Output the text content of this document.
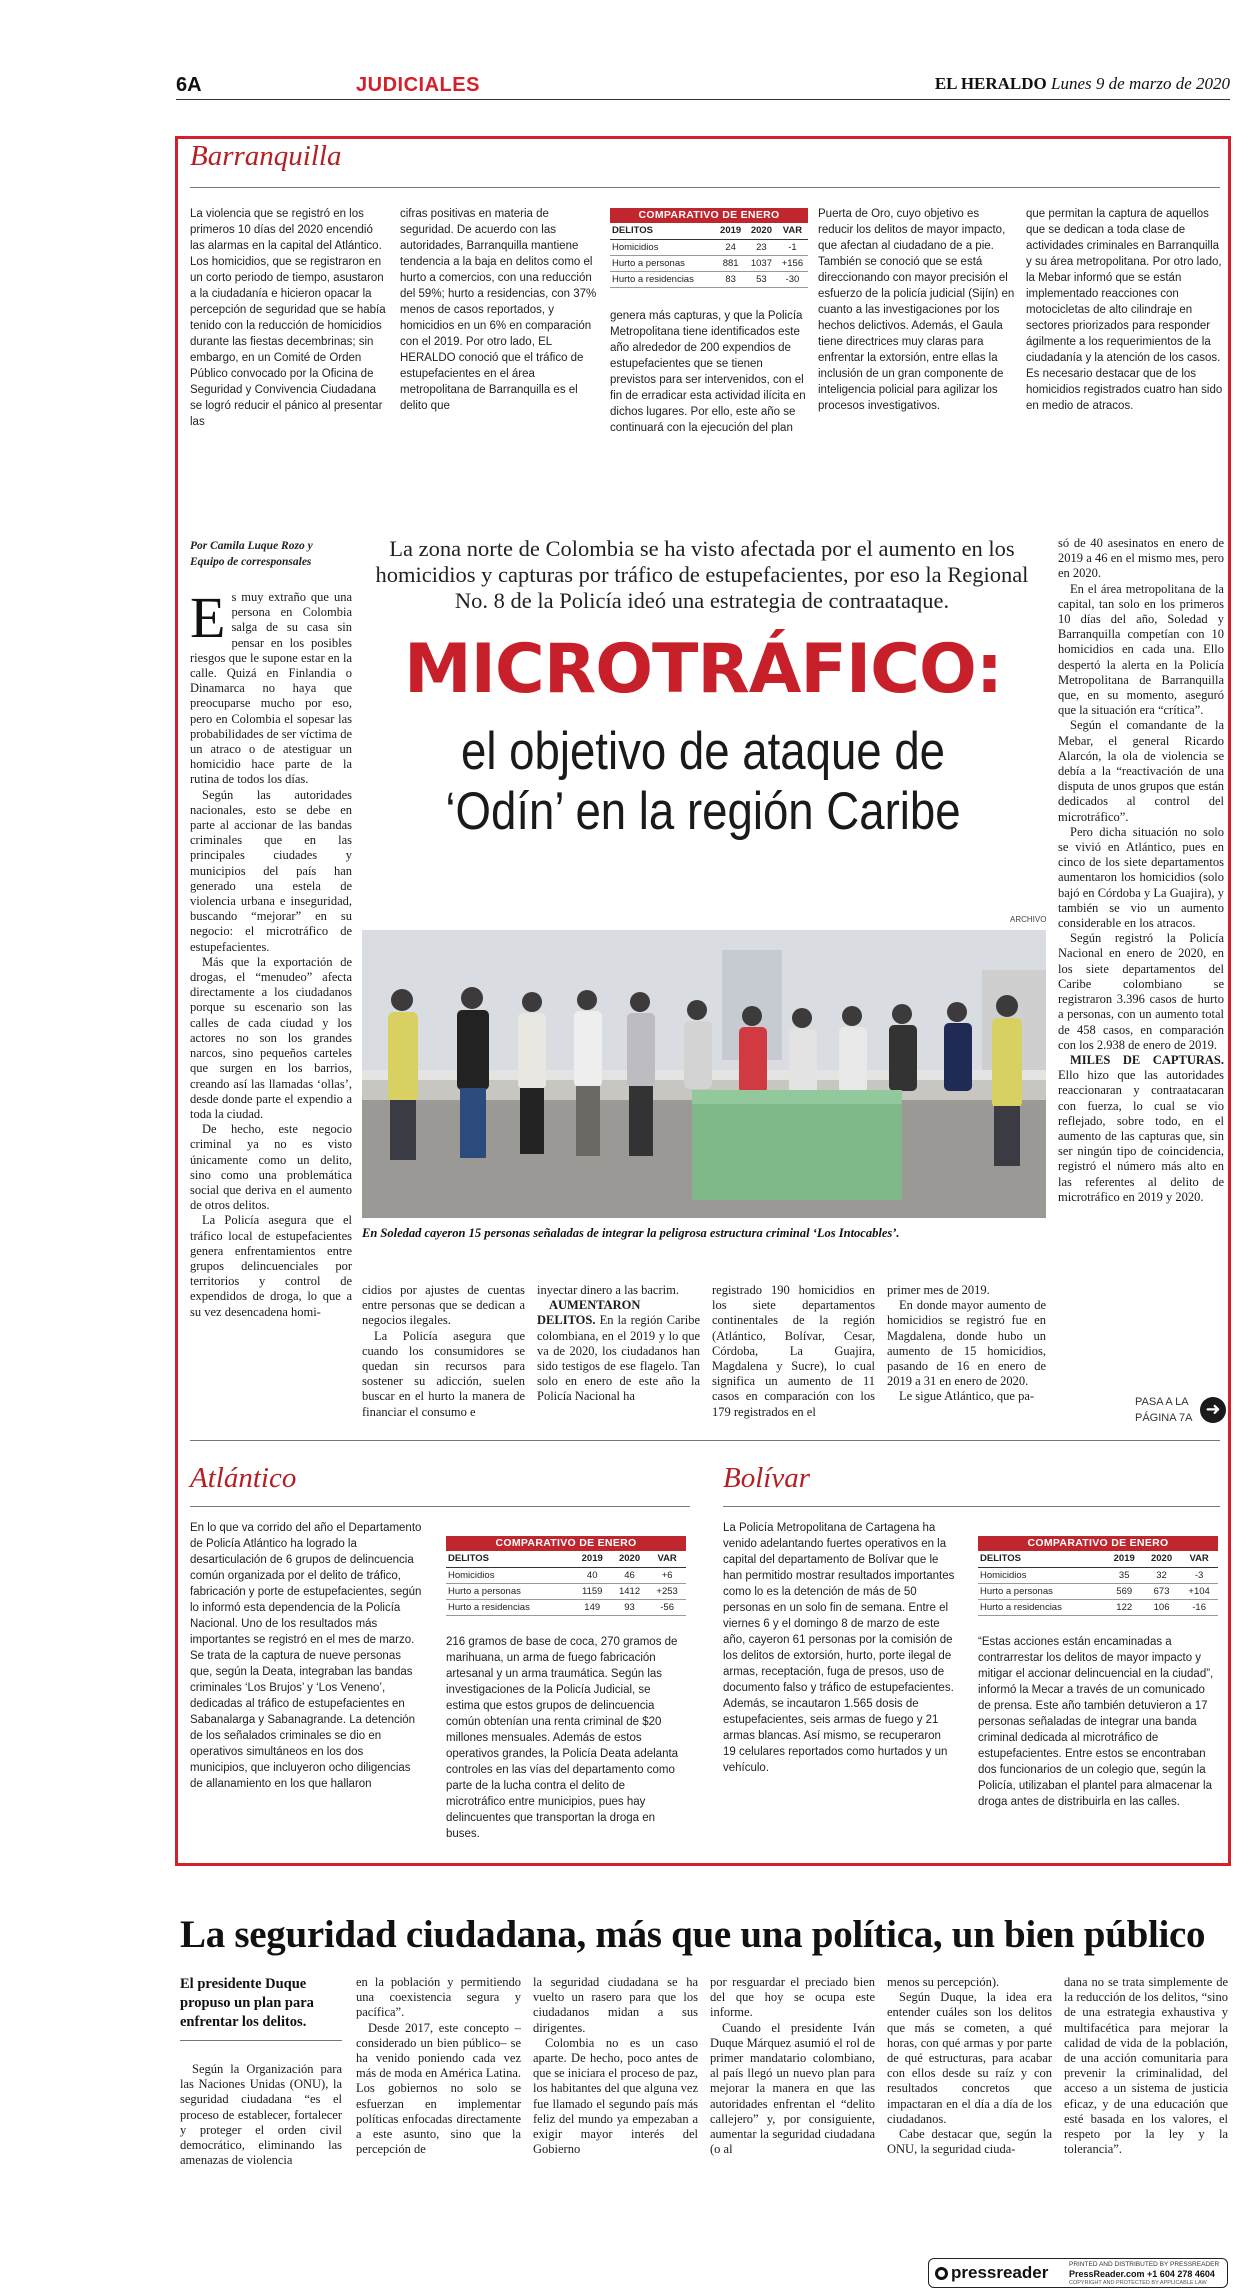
6A	JUDICIALES	EL HERALDO Lunes 9 de marzo de 2020
Barranquilla
La violencia que se registró en los primeros 10 días del 2020 encendió las alarmas en la capital del Atlántico. Los homicidios, que se registraron en un corto periodo de tiempo, asustaron a la ciudadanía e hicieron opacar la percepción de seguridad que se había tenido con la reducción de homicidios durante las fiestas decembrinas; sin embargo, en un Comité de Orden Público convocado por la Oficina de Seguridad y Convivencia Ciudadana se logró reducir el pánico al presentar las
cifras positivas en materia de seguridad. De acuerdo con las autoridades, Barranquilla mantiene tendencia a la baja en delitos como el hurto a comercios, con una reducción del 59%; hurto a residencias, con 37% menos de casos reportados, y homicidios en un 6% en comparación con el 2019. Por otro lado, EL HERALDO conoció que el tráfico de estupefacientes en el área metropolitana de Barranquilla es el delito que
COMPARATIVO DE ENERO
DELITOS	2019	2020	VAR
Homicidios	24	23	-1
Hurto a personas	881	1037	+156
Hurto a residencias	83	53	-30
genera más capturas, y que la Policía Metropolitana tiene identificados este año alrededor de 200 expendios de estupefacientes que se tienen previstos para ser intervenidos, con el fin de erradicar esta actividad ilícita en dichos lugares. Por ello, este año se continuará con la ejecución del plan
Puerta de Oro, cuyo objetivo es reducir los delitos de mayor impacto, que afectan al ciudadano de a pie. También se conoció que se está direccionando con mayor precisión el esfuerzo de la policía judicial (Sijín) en cuanto a las investigaciones por los hechos delictivos. Además, el Gaula tiene directrices muy claras para enfrentar la extorsión, entre ellas la inclusión de un gran componente de inteligencia policial para agilizar los procesos investigativos.
que permitan la captura de aquellos que se dedican a toda clase de actividades criminales en Barranquilla y su área metropolitana. Por otro lado, la Mebar informó que se están implementado reacciones con motocicletas de alto cilindraje en sectores priorizados para responder ágilmente a los requerimientos de la ciudadanía y la atención de los casos. Es necesario destacar que de los homicidios registrados cuatro han sido en medio de atracos.
Por Camila Luque Rozo y Equipo de corresponsales
La zona norte de Colombia se ha visto afectada por el aumento en los homicidios y capturas por tráfico de estupefacientes, por eso la Regional No. 8 de la Policía ideó una estrategia de contraataque.
MICROTRÁFICO:
el objetivo de ataque de
‘Odín’ en la región Caribe
ARCHIVO
En Soledad cayeron 15 personas señaladas de integrar la peligrosa estructura criminal ‘Los Intocables’.

Es muy extraño que una persona en Colombia salga de su casa sin pensar en los posibles riesgos que le supone estar en la calle. Quizá en Finlandia o Dinamarca no haya que preocuparse mucho por eso, pero en Colombia el sopesar las probabilidades de ser víctima de un atraco o de atestiguar un homicidio hace parte de la rutina de todos los días.

Según las autoridades nacionales, esto se debe en parte al accionar de las bandas criminales que en las principales ciudades y municipios del país han generado una estela de violencia urbana e inseguridad, buscando “mejorar” en su negocio: el microtráfico de estupefacientes.

Más que la exportación de drogas, el “menudeo” afecta directamente a los ciudadanos porque su escenario son las calles de cada ciudad y los actores no son los grandes narcos, sino pequeños carteles que surgen en los barrios, creando así las llamadas ‘ollas’, desde donde parte el expendio a toda la ciudad.

De hecho, este negocio criminal ya no es visto únicamente como un delito, sino como una problemática social que deriva en el aumento de otros delitos.

La Policía asegura que el tráfico local de estupefacientes genera enfrentamientos entre grupos delincuenciales por territorios y control de expendidos de droga, lo que a su vez desencadena homi-

cidios por ajustes de cuentas entre personas que se dedican a negocios ilegales.

La Policía asegura que cuando los consumidores se quedan sin recursos para sostener su adicción, suelen buscar en el hurto la manera de financiar el consumo e

inyectar dinero a las bacrim.

AUMENTARON DELITOS. En la región Caribe colombiana, en el 2019 y lo que va de 2020, los ciudadanos han sido testigos de ese flagelo. Tan solo en enero de este año la Policía Nacional ha

registrado 190 homicidios en los siete departamentos continentales de la región (Atlántico, Bolívar, Cesar, Córdoba, La Guajira, Magdalena y Sucre), lo cual significa un aumento de 11 casos en comparación con los 179 registrados en el

primer mes de 2019.

En donde mayor aumento de homicidios se registró fue en Magdalena, donde hubo un aumento de 15 homicidios, pasando de 16 en enero de 2019 a 31 en enero de 2020.

Le sigue Atlántico, que pa-

só de 40 asesinatos en enero de 2019 a 46 en el mismo mes, pero en 2020.

En el área metropolitana de la capital, tan solo en los primeros 10 días del año, Soledad y Barranquilla competían con 10 homicidios en cada una. Ello despertó la alerta en la Policía Metropolitana de Barranquilla que, en su momento, aseguró que la situación era “crítica”.

Según el comandante de la Mebar, el general Ricardo Alarcón, la ola de violencia se debía a la “reactivación de una disputa de unos grupos que están dedicados al control del microtráfico”.

Pero dicha situación no solo se vivió en Atlántico, pues en cinco de los siete departamentos aumentaron los homicidios (solo bajó en Córdoba y La Guajira), y también se vio un aumento considerable en los atracos.

Según registró la Policía Nacional en enero de 2020, en los siete departamentos del Caribe colombiano se registraron 3.396 casos de hurto a personas, con un aumento total de 458 casos, en comparación con los 2.938 de enero de 2019.

MILES DE CAPTURAS. Ello hizo que las autoridades reaccionaran y contraatacaran con fuerza, lo cual se vio reflejado, sobre todo, en el aumento de las capturas que, sin ser ningún tipo de coincidencia, registró el número más alto en las referentes al delito de microtráfico en 2019 y 2020.

PASA A LA PÁGINA 7A ➜
Atlántico
En lo que va corrido del año el Departamento de Policía Atlántico ha logrado la desarticulación de 6 grupos de delincuencia común organizada por el delito de tráfico, fabricación y porte de estupefacientes, según lo informó esta dependencia de la Policía Nacional. Uno de los resultados más importantes se registró en el mes de marzo. Se trata de la captura de nueve personas que, según la Deata, integraban las bandas criminales ‘Los Brujos’ y ‘Los Veneno’, dedicadas al tráfico de estupefacientes en Sabanalarga y Sabanagrande. La detención de los señalados criminales se dio en operativos simultáneos en los dos municipios, que incluyeron ocho diligencias de allanamiento en los que hallaron
COMPARATIVO DE ENERO
DELITOS	2019	2020	VAR
Homicidios	40	46	+6
Hurto a personas	1159	1412	+253
Hurto a residencias	149	93	-56
216 gramos de base de coca, 270 gramos de marihuana, un arma de fuego fabricación artesanal y un arma traumática. Según las investigaciones de la Policía Judicial, se estima que estos grupos de delincuencia común obtenían una renta criminal de $20 millones mensuales. Además de estos operativos grandes, la Policía Deata adelanta controles en las vías del departamento como parte de la lucha contra el delito de microtráfico entre municipios, pues hay delincuentes que transportan la droga en buses.
Bolívar
La Policía Metropolitana de Cartagena ha venido adelantando fuertes operativos en la capital del departamento de Bolívar que le han permitido mostrar resultados importantes como lo es la detención de más de 50 personas en un solo fin de semana. Entre el viernes 6 y el domingo 8 de marzo de este año, cayeron 61 personas por la comisión de los delitos de extorsión, hurto, porte ilegal de armas, receptación, fuga de presos, uso de documento falso y tráfico de estupefacientes. Además, se incautaron 1.565 dosis de estupefacientes, seis armas de fuego y 21 armas blancas. Así mismo, se recuperaron 19 celulares reportados como hurtados y un vehículo.
COMPARATIVO DE ENERO
DELITOS	2019	2020	VAR
Homicidios	35	32	-3
Hurto a personas	569	673	+104
Hurto a residencias	122	106	-16
“Estas acciones están encaminadas a contrarrestar los delitos de mayor impacto y mitigar el accionar delincuencial en la ciudad”, informó la Mecar a través de un comunicado de prensa. Este año también detuvieron a 17 personas señaladas de integrar una banda criminal dedicada al microtráfico de estupefacientes. Entre estos se encontraban dos funcionarios de un colegio que, según la Policía, utilizaban el plantel para almacenar la droga antes de distribuirla en las calles.
La seguridad ciudadana, más que una política, un bien público
El presidente Duque propuso un plan para enfrentar los delitos.

Según la Organización para las Naciones Unidas (ONU), la seguridad ciudadana “es el proceso de establecer, fortalecer y proteger el orden civil democrático, eliminando las amenazas de violencia

en la población y permitiendo una coexistencia segura y pacífica”.

Desde 2017, este concepto –considerado un bien público– se ha venido poniendo cada vez más de moda en América Latina. Los gobiernos no solo se esfuerzan en implementar políticas enfocadas directamente a este asunto, sino que la percepción de

la seguridad ciudadana se ha vuelto un rasero para que los ciudadanos midan a sus dirigentes.

Colombia no es un caso aparte. De hecho, poco antes de que se iniciara el proceso de paz, los habitantes del que alguna vez fue llamado el segundo país más feliz del mundo ya empezaban a exigir mayor interés del Gobierno

por resguardar el preciado bien del que hoy se ocupa este informe.

Cuando el presidente Iván Duque Márquez asumió el rol de primer mandatario colombiano, al país llegó un nuevo plan para mejorar la manera en que las autoridades enfrentan el “delito callejero” y, por consiguiente, aumentar la seguridad ciudadana (o al

menos su percepción).

Según Duque, la idea era entender cuáles son los delitos que más se cometen, a qué horas, con qué armas y por parte de qué estructuras, para acabar con ellos desde su raíz y con resultados concretos que impactaran en el día a día de los ciudadanos.

Cabe destacar que, según la ONU, la seguridad ciuda-

dana no se trata simplemente de la reducción de los delitos, “sino de una estrategia exhaustiva y multifacética para mejorar la calidad de vida de la población, de una acción comunitaria para prevenir la criminalidad, del acceso a un sistema de justicia eficaz, y de una educación que esté basada en los valores, el respeto por la ley y la tolerancia”.

pressreader	PRINTED AND DISTRIBUTED BY PRESSREADER
PressReader.com +1 604 278 4604
COPYRIGHT AND PROTECTED BY APPLICABLE LAW
